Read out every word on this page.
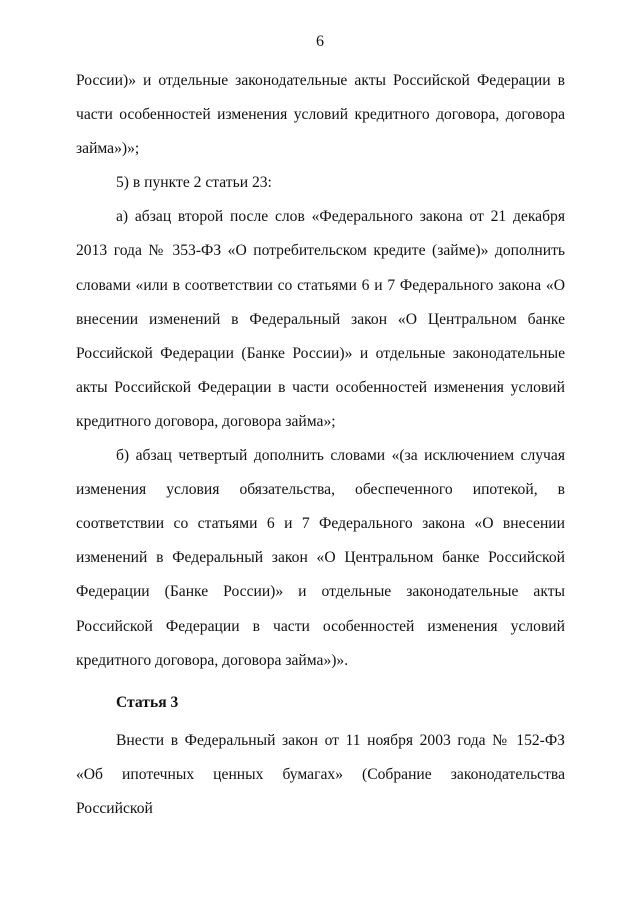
6

России)» и отдельные законодательные акты Российской Федерации в части особенностей изменения условий кредитного договора, договора займа»)»;

5) в пункте 2 статьи 23:

а) абзац второй после слов «Федерального закона от 21 декабря 2013 года № 353-ФЗ «О потребительском кредите (займе)» дополнить словами «или в соответствии со статьями 6 и 7 Федерального закона «О внесении изменений в Федеральный закон «О Центральном банке Российской Федерации (Банке России)» и отдельные законодательные акты Российской Федерации в части особенностей изменения условий кредитного договора, договора займа»;

б) абзац четвертый дополнить словами «(за исключением случая изменения условия обязательства, обеспеченного ипотекой, в соответствии со статьями 6 и 7 Федерального закона «О внесении изменений в Федеральный закон «О Центральном банке Российской Федерации (Банке России)» и отдельные законодательные акты Российской Федерации в части особенностей изменения условий кредитного договора, договора займа»)».

Статья 3

Внести в Федеральный закон от 11 ноября 2003 года № 152-ФЗ «Об ипотечных ценных бумагах» (Собрание законодательства Российской
